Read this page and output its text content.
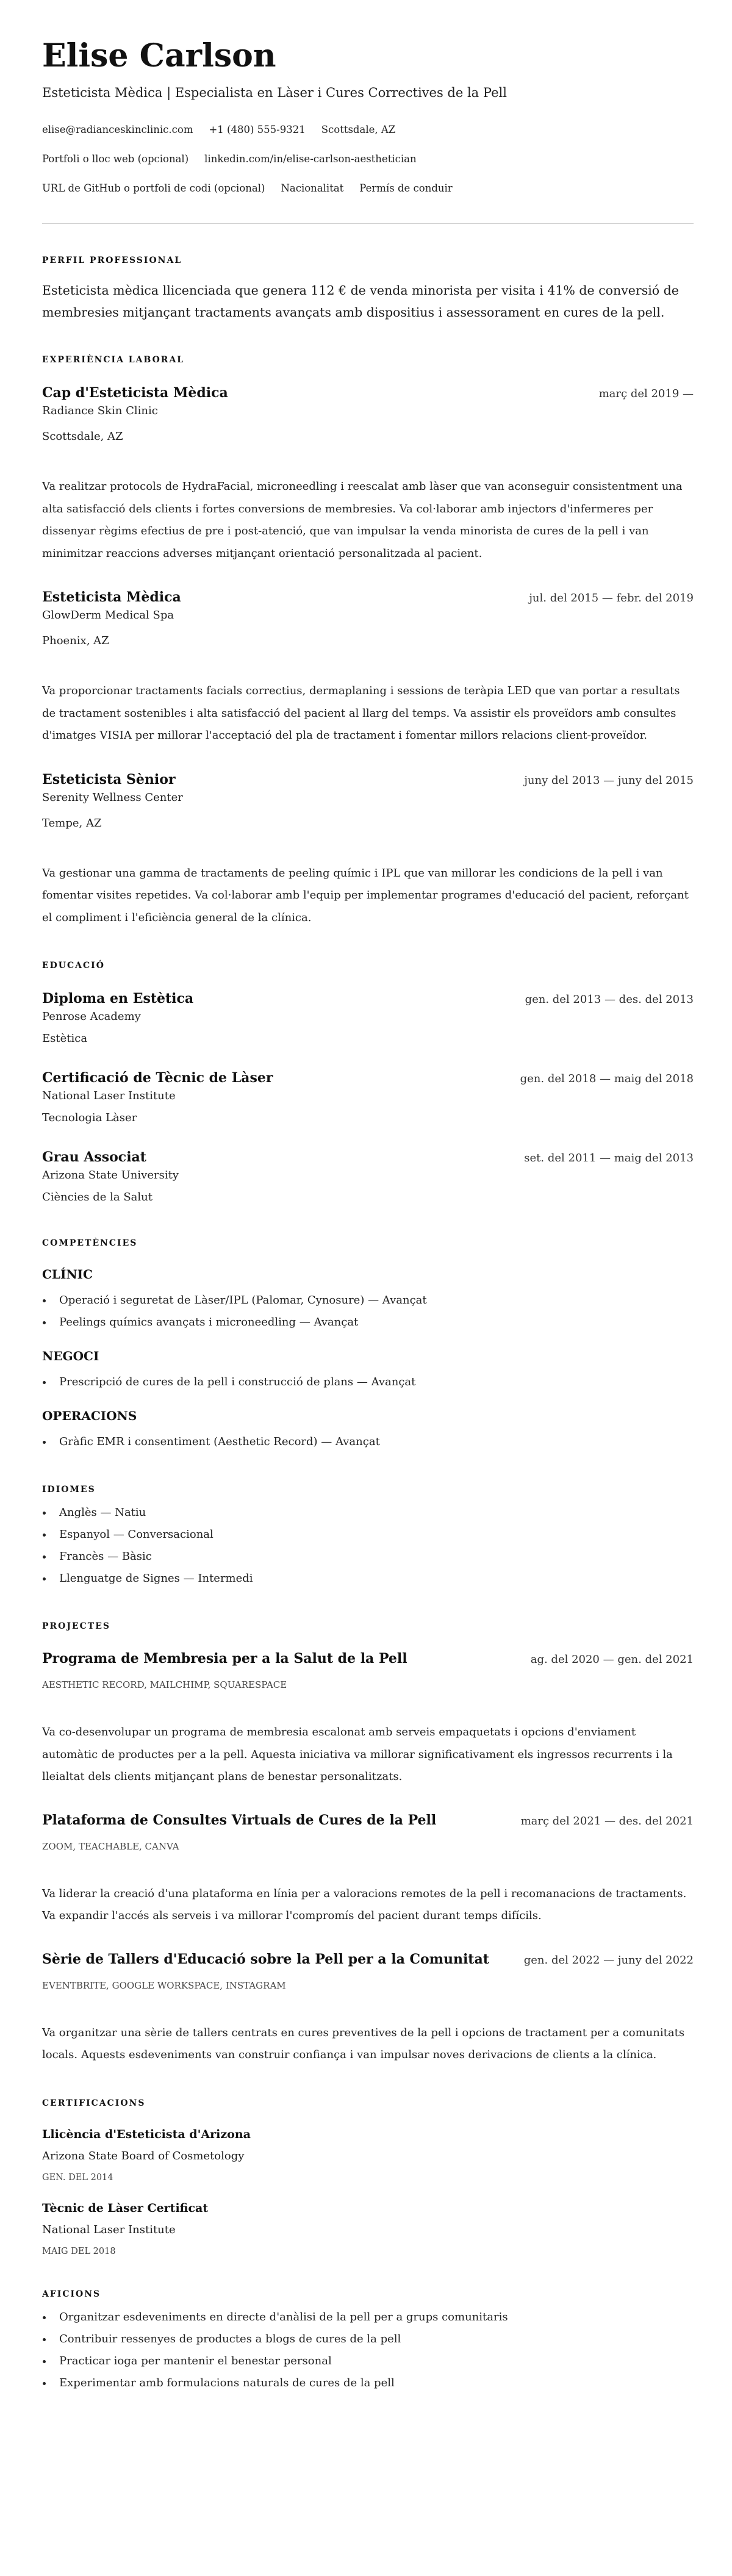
Elise Carlson
Esteticista Mèdica | Especialista en Làser i Cures Correctives de la Pell
elise@radianceskinclinic.com +1 (480) 555-9321 Scottsdale, AZ
Portfoli o lloc web (opcional) linkedin.com/in/elise-carlson-aesthetician
URL de GitHub o portfoli de codi (opcional) Nacionalitat Permís de conduir
PERFIL PROFESSIONAL
Esteticista mèdica llicenciada que genera 112 € de venda minorista per visita i 41% de conversió de membresies mitjançant tractaments avançats amb dispositius i assessorament en cures de la pell.
EXPERIÈNCIA LABORAL
Cap d'Esteticista Mèdica	març del 2019 —
Radiance Skin Clinic
Scottsdale, AZ
Va realitzar protocols de HydraFacial, microneedling i reescalat amb làser que van aconseguir consistentment una alta satisfacció dels clients i fortes conversions de membresies. Va col·laborar amb injectors d'infermeres per dissenyar règims efectius de pre i post-atenció, que van impulsar la venda minorista de cures de la pell i van minimitzar reaccions adverses mitjançant orientació personalitzada al pacient.
Esteticista Mèdica	jul. del 2015 — febr. del 2019
GlowDerm Medical Spa
Phoenix, AZ
Va proporcionar tractaments facials correctius, dermaplaning i sessions de teràpia LED que van portar a resultats de tractament sostenibles i alta satisfacció del pacient al llarg del temps. Va assistir els proveïdors amb consultes d'imatges VISIA per millorar l'acceptació del pla de tractament i fomentar millors relacions client-proveïdor.
Esteticista Sènior	juny del 2013 — juny del 2015
Serenity Wellness Center
Tempe, AZ
Va gestionar una gamma de tractaments de peeling químic i IPL que van millorar les condicions de la pell i van fomentar visites repetides. Va col·laborar amb l'equip per implementar programes d'educació del pacient, reforçant el compliment i l'eficiència general de la clínica.
EDUCACIÓ
Diploma en Estètica	gen. del 2013 — des. del 2013
Penrose Academy
Estètica
Certificació de Tècnic de Làser	gen. del 2018 — maig del 2018
National Laser Institute
Tecnologia Làser
Grau Associat	set. del 2011 — maig del 2013
Arizona State University
Ciències de la Salut
COMPETÈNCIES
CLÍNIC
Operació i seguretat de Làser/IPL (Palomar, Cynosure) — Avançat
Peelings químics avançats i microneedling — Avançat
NEGOCI
Prescripció de cures de la pell i construcció de plans — Avançat
OPERACIONS
Gràfic EMR i consentiment (Aesthetic Record) — Avançat
IDIOMES
Anglès — Natiu
Espanyol — Conversacional
Francès — Bàsic
Llenguatge de Signes — Intermedi
PROJECTES
Programa de Membresia per a la Salut de la Pell	ag. del 2020 — gen. del 2021
AESTHETIC RECORD, MAILCHIMP, SQUARESPACE
Va co-desenvolupar un programa de membresia escalonat amb serveis empaquetats i opcions d'enviament automàtic de productes per a la pell. Aquesta iniciativa va millorar significativament els ingressos recurrents i la lleialtat dels clients mitjançant plans de benestar personalitzats.
Plataforma de Consultes Virtuals de Cures de la Pell	març del 2021 — des. del 2021
ZOOM, TEACHABLE, CANVA
Va liderar la creació d'una plataforma en línia per a valoracions remotes de la pell i recomanacions de tractaments. Va expandir l'accés als serveis i va millorar l'compromís del pacient durant temps difícils.
Sèrie de Tallers d'Educació sobre la Pell per a la Comunitat	gen. del 2022 — juny del 2022
EVENTBRITE, GOOGLE WORKSPACE, INSTAGRAM
Va organitzar una sèrie de tallers centrats en cures preventives de la pell i opcions de tractament per a comunitats locals. Aquests esdeveniments van construir confiança i van impulsar noves derivacions de clients a la clínica.
CERTIFICACIONS
Llicència d'Esteticista d'Arizona
Arizona State Board of Cosmetology
GEN. DEL 2014
Tècnic de Làser Certificat
National Laser Institute
MAIG DEL 2018
AFICIONS
Organitzar esdeveniments en directe d'anàlisi de la pell per a grups comunitaris
Contribuir ressenyes de productes a blogs de cures de la pell
Practicar ioga per mantenir el benestar personal
Experimentar amb formulacions naturals de cures de la pell
